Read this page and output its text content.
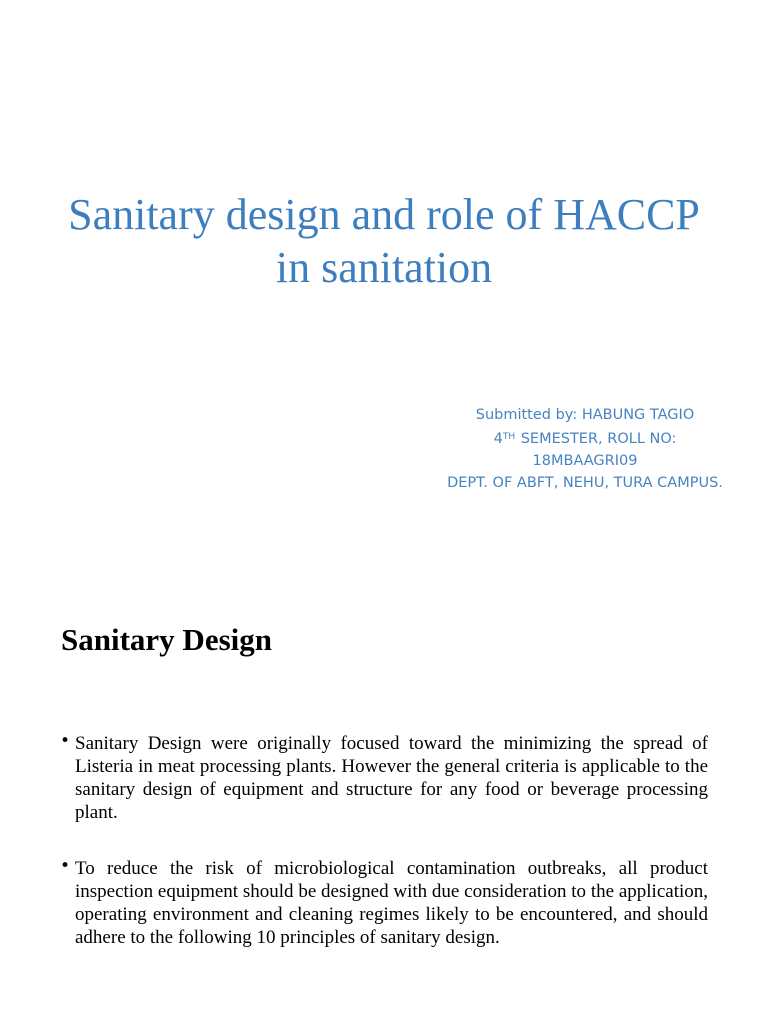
Sanitary design and role of HACCP in sanitation
Submitted by: HABUNG TAGIO
4TH SEMESTER, ROLL NO: 18MBAAGRI09
DEPT. OF ABFT, NEHU, TURA CAMPUS.
Sanitary Design
• Sanitary Design were originally focused toward the minimizing the spread of Listeria in meat processing plants. However the general criteria is applicable to the sanitary design of equipment and structure for any food or beverage processing plant.
• To reduce the risk of microbiological contamination outbreaks, all product inspection equipment should be designed with due consideration to the application, operating environment and cleaning regimes likely to be encountered, and should adhere to the following 10 principles of sanitary design.
